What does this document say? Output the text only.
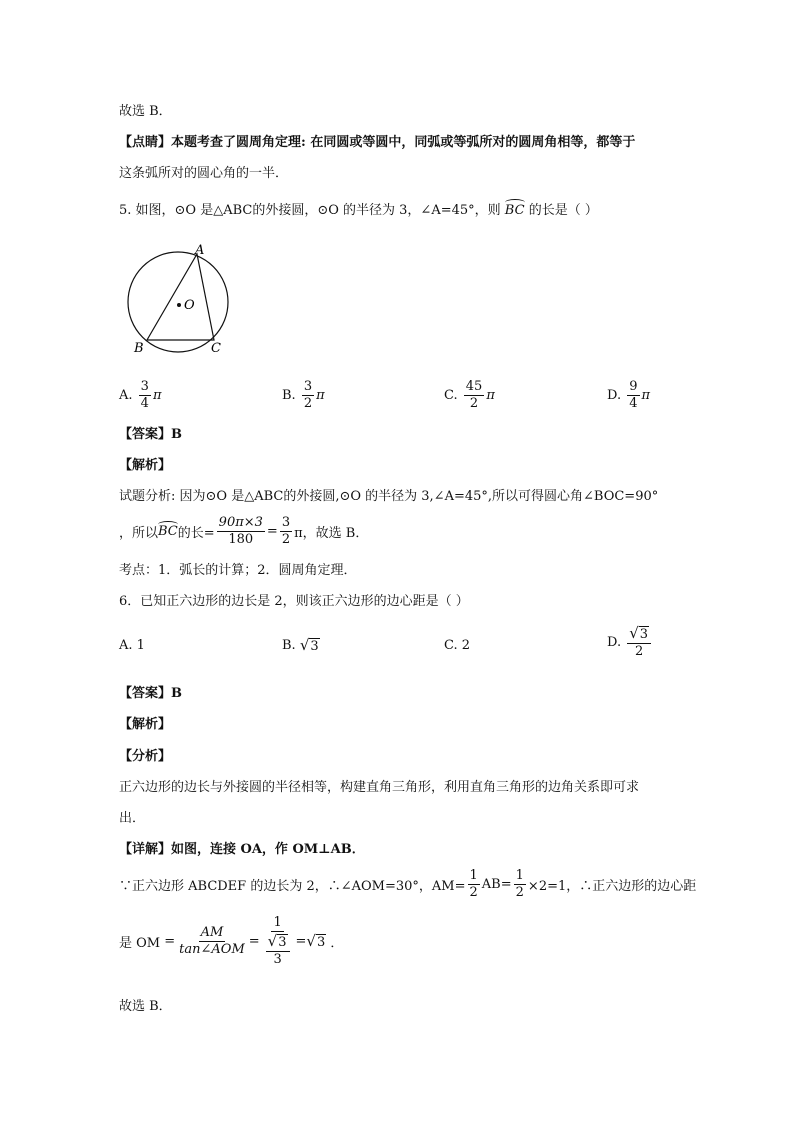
故选 B．
【点睛】本题考查了圆周角定理: 在同圆或等圆中，同弧或等弧所对的圆周角相等，都等于
这条弧所对的圆心角的一半．
5. 如图，⊙O 是△ABC的外接圆，⊙O 的半径为 3，∠A=45°，则 BC 的长是（ ）
A
O
B	C
A.
$\frac{3}{4}$ π	B.
$\frac{3}{2}$ π	C.
$\frac{45}{2}$ π	D.
$\frac{9}{4}$ π
【答案】B
【解析】
试题分析: 因为⊙O 是△ABC的外接圆,⊙O 的半径为 3,∠A=45°,所以可得圆心角∠BOC=90°
，所以 BC 的长= $\frac{90\pi\times 3}{180} = \frac{3}{2}$ π，故选 B．
考点：1．弧长的计算；2．圆周角定理．
6．已知正六边形的边长是 2，则该正六边形的边心距是（ ）
A.
1	B.
√ 3	C.
2	D.
$\frac{√ 3}{2}$
【答案】B
【解析】
【分析】
正六边形的边长与外接圆的半径相等，构建直角三角形，利用直角三角形的边角关系即可求
出．
【详解】如图，连接 OA，作 OM⊥AB．
∵正六边形 ABCDEF 的边长为 2，∴∠AOM=30°，$AM= \frac{1}{2} AB= \frac{1}{2} \times 2=1$，∴正六边形的边心距
是 OM
= $\frac{AM}{\text{tan∠AOM}} = \frac{1}{\frac{√ 3}{3}}$ = √ 3
．
故选 B．
